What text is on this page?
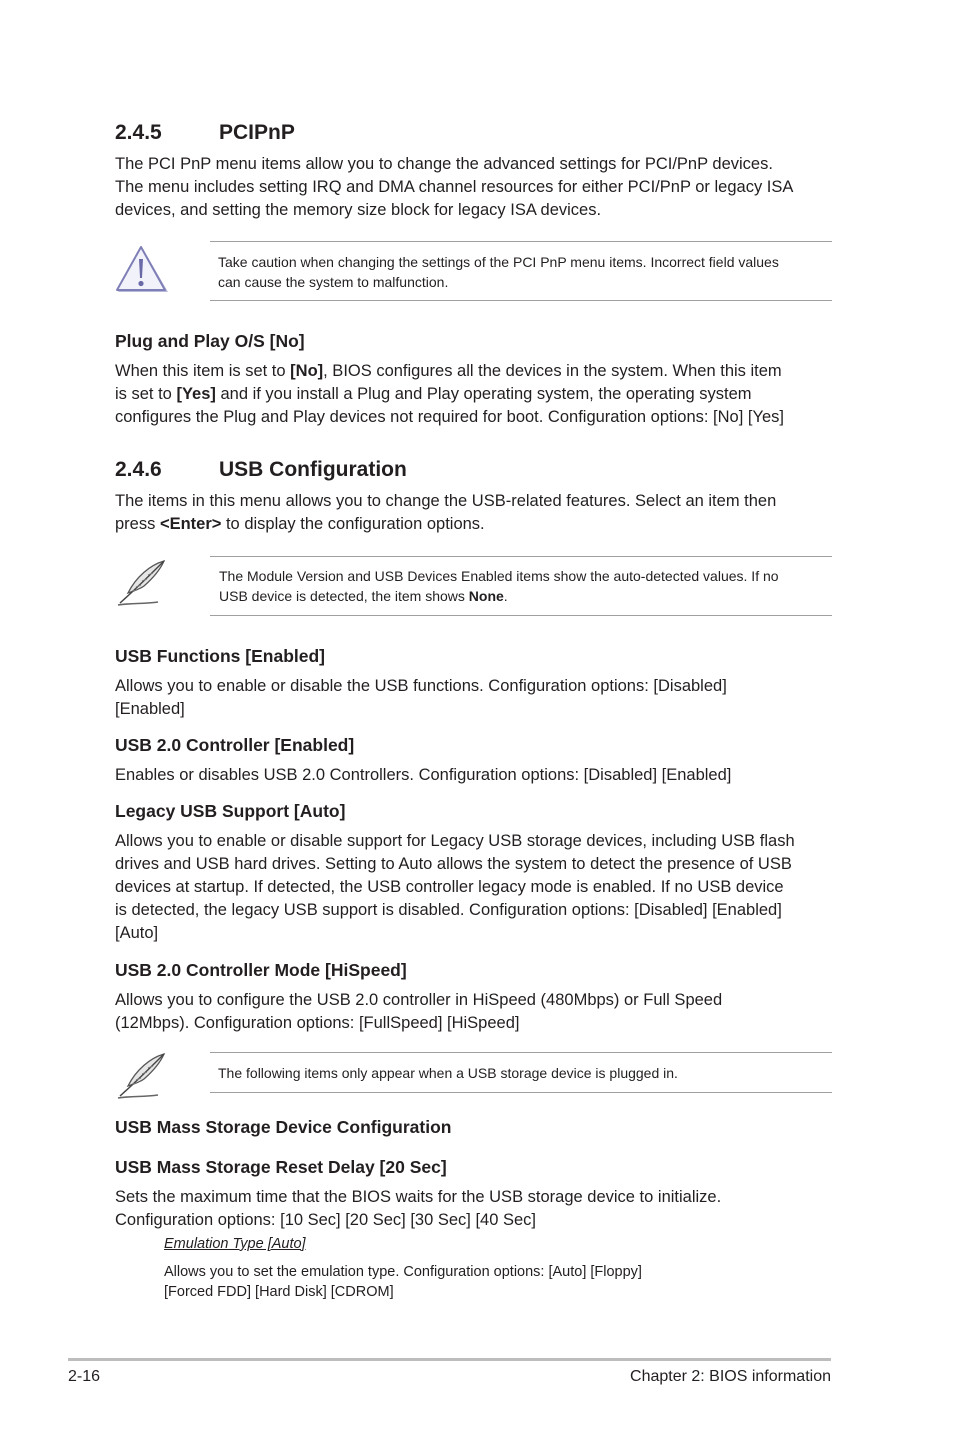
2.4.5	PCIPnP
The PCI PnP menu items allow you to change the advanced settings for PCI/PnP devices.
The menu includes setting IRQ and DMA channel resources for either PCI/PnP or legacy ISA
devices, and setting the memory size block for legacy ISA devices.
Take caution when changing the settings of the PCI PnP menu items. Incorrect field values
can cause the system to malfunction.
Plug and Play O/S [No]
When this item is set to [No], BIOS configures all the devices in the system. When this item
is set to [Yes] and if you install a Plug and Play operating system, the operating system
configures the Plug and Play devices not required for boot. Configuration options: [No] [Yes]
2.4.6	USB Configuration
The items in this menu allows you to change the USB-related features. Select an item then
press <Enter> to display the configuration options.
The Module Version and USB Devices Enabled items show the auto-detected values. If no
USB device is detected, the item shows None.
USB Functions [Enabled]
Allows you to enable or disable the USB functions. Configuration options: [Disabled]
[Enabled]
USB 2.0 Controller [Enabled]
Enables or disables USB 2.0 Controllers. Configuration options: [Disabled] [Enabled]
Legacy USB Support [Auto]
Allows you to enable or disable support for Legacy USB storage devices, including USB flash
drives and USB hard drives. Setting to Auto allows the system to detect the presence of USB
devices at startup. If detected, the USB controller legacy mode is enabled. If no USB device
is detected, the legacy USB support is disabled. Configuration options: [Disabled] [Enabled]
[Auto]
USB 2.0 Controller Mode [HiSpeed]
Allows you to configure the USB 2.0 controller in HiSpeed (480Mbps) or Full Speed
(12Mbps). Configuration options: [FullSpeed] [HiSpeed]
The following items only appear when a USB storage device is plugged in.
USB Mass Storage Device Configuration
USB Mass Storage Reset Delay [20 Sec]
Sets the maximum time that the BIOS waits for the USB storage device to initialize.
Configuration options: [10 Sec] [20 Sec] [30 Sec] [40 Sec]
Emulation Type [Auto]
Allows you to set the emulation type. Configuration options: [Auto] [Floppy]
[Forced FDD] [Hard Disk] [CDROM]
2-16	Chapter 2: BIOS information
